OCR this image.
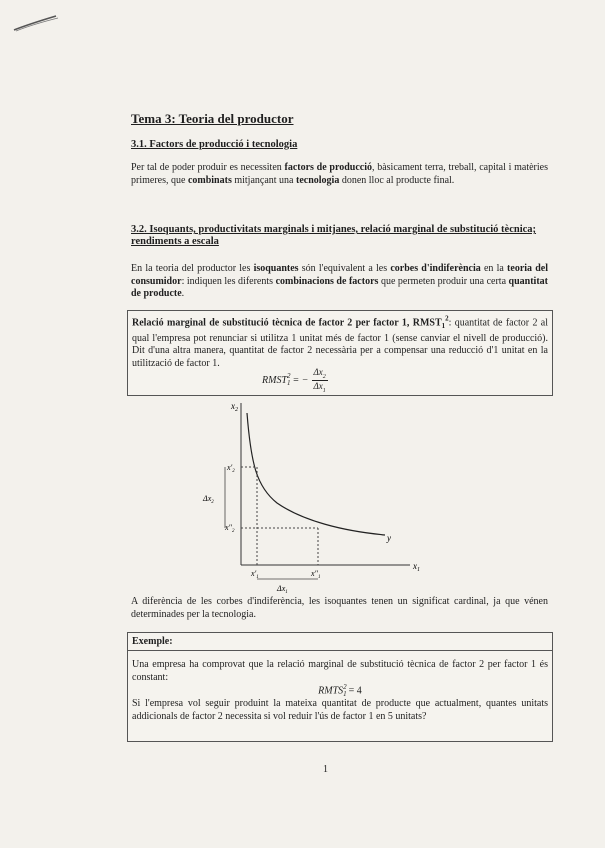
Tema 3: Teoria del productor
3.1. Factors de producció i tecnologia
Per tal de poder produir es necessiten factors de producció, bàsicament terra, treball, capital i matèries primeres, que combinats mitjançant una tecnologia donen lloc al producte final.
3.2. Isoquants, productivitats marginals i mitjanes, relació marginal de substitució tècnica; rendiments a escala
En la teoria del productor les isoquantes són l'equivalent a les corbes d'indiferència en la teoria del consumidor: indiquen les diferents combinacions de factors que permeten produir una certa quantitat de producte.
Relació marginal de substitució tècnica de factor 2 per factor 1, $RMST_1^2$: quantitat de factor 2 al qual l'empresa pot renunciar si utilitza 1 unitat més de factor 1 (sense canviar el nivell de producció). Dit d'una altra manera, quantitat de factor 2 necessària per a compensar una reducció d'1 unitat en la utilització de factor 1.
RMST 2
1 = − $\frac{\Delta x_2}{\Delta x_1}$
$x_2$
$x_1$
y
$x'_2$
$x''_2$
$x'_1$	$x''_1$
$\Delta x_2$
$\Delta x_1$
A diferència de les corbes d'indiferència, les isoquantes tenen un significat cardinal, ja que vénen determinades per la tecnologia.
Exemple:
Una empresa ha comprovat que la relació marginal de substitució tècnica de factor 2 per factor 1 és constant:
RMTS 2
1 = 4
Si l'empresa vol seguir produint la mateixa quantitat de producte que actualment, quantes unitats addicionals de factor 2 necessita si vol reduir l'ús de factor 1 en 5 unitats?
1
